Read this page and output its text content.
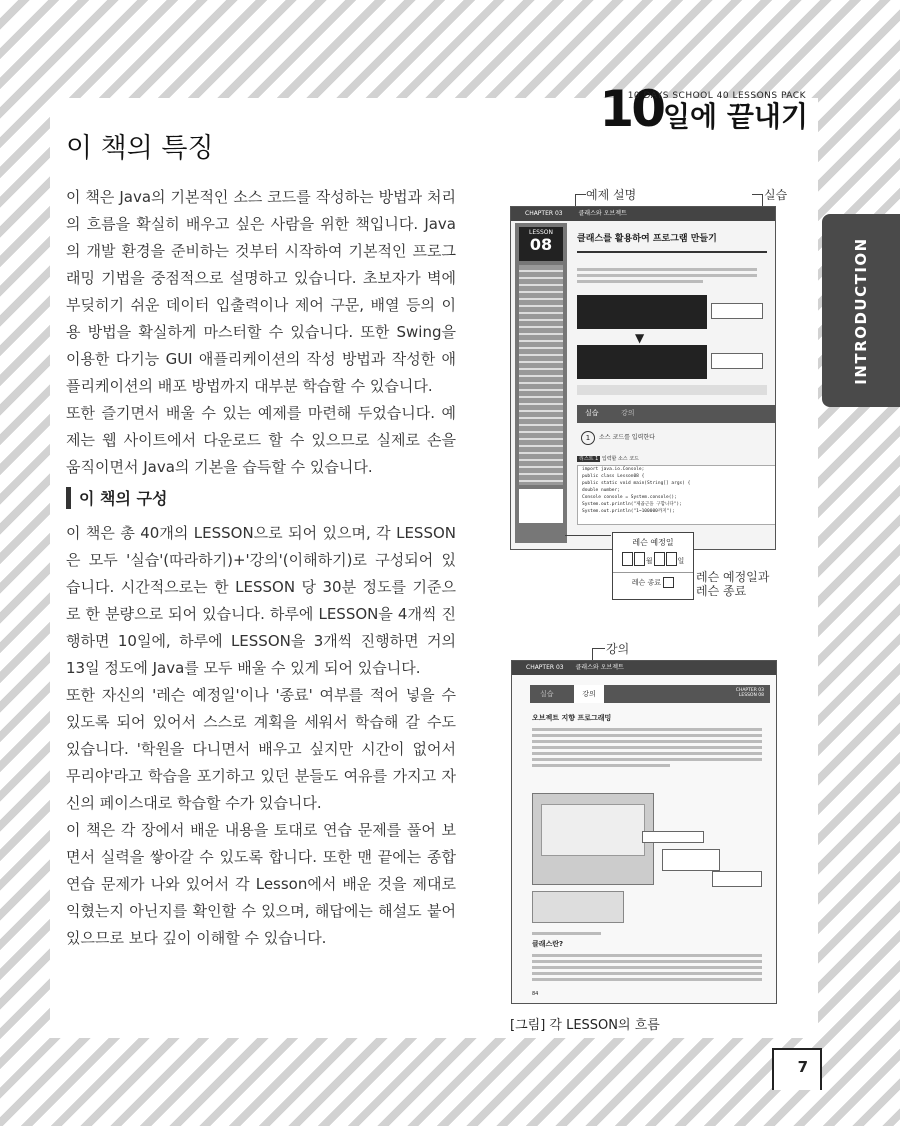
10 DAYS SCHOOL 40 LESSONS PACK
10일에 끝내기
이 책의 특징

이 책은 Java의 기본적인 소스 코드를 작성하는 방법과 처리의 흐름을 확실히 배우고 싶은 사람을 위한 책입니다. Java의 개발 환경을 준비하는 것부터 시작하여 기본적인 프로그래밍 기법을 중점적으로 설명하고 있습니다. 초보자가 벽에 부딪히기 쉬운 데이터 입출력이나 제어 구문, 배열 등의 이용 방법을 확실하게 마스터할 수 있습니다. 또한 Swing을 이용한 다기능 GUI 애플리케이션의 작성 방법과 작성한 애플리케이션의 배포 방법까지 대부분 학습할 수 있습니다.

또한 즐기면서 배울 수 있는 예제를 마련해 두었습니다. 예제는 웹 사이트에서 다운로드 할 수 있으므로 실제로 손을 움직이면서 Java의 기본을 습득할 수 있습니다.

이 책의 구성

이 책은 총 40개의 LESSON으로 되어 있으며, 각 LESSON은 모두 '실습'(따라하기)+'강의'(이해하기)로 구성되어 있습니다. 시간적으로는 한 LESSON 당 30분 정도를 기준으로 한 분량으로 되어 있습니다. 하루에 LESSON을 4개씩 진행하면 10일에, 하루에 LESSON을 3개씩 진행하면 거의 13일 정도에 Java를 모두 배울 수 있게 되어 있습니다.

또한 자신의 '레슨 예정일'이나 '종료' 여부를 적어 넣을 수 있도록 되어 있어서 스스로 계획을 세워서 학습해 갈 수도 있습니다. '학원을 다니면서 배우고 싶지만 시간이 없어서 무리야'라고 학습을 포기하고 있던 분들도 여유를 가지고 자신의 페이스대로 학습할 수가 있습니다.

이 책은 각 장에서 배운 내용을 토대로 연습 문제를 풀어 보면서 실력을 쌓아갈 수 있도록 합니다. 또한 맨 끝에는 종합 연습 문제가 나와 있어서 각 Lesson에서 배운 것을 제대로 익혔는지 아닌지를 확인할 수 있으며, 해답에는 해설도 붙어 있으므로 보다 깊이 이해할 수 있습니다.

INTRODUCTION
예제 설명	실습
CHAPTER 03	클래스와 오브젝트
LESSON
08	클래스를 활용하여 프로그램 만들기
▼
실습	강의
1	소스 코드를 입력한다
리스트 1 입력할 소스 코드
import java.io.Console;
public class Lesson08 {
public static void main(String[] args) {
double number;
Console console = System.console();
System.out.println("제곱근을 구합니다");
System.out.println("1~100000까지");
레슨 예정일
월	일
레슨 종료	레슨 예정일과
레슨 종료
강의
CHAPTER 03 클래스와 오브젝트
실습	강의	CHAPTER 03 LESSON 08
오브젝트 지향 프로그래밍
클래스란?
84
[그림] 각 LESSON의 흐름
7
